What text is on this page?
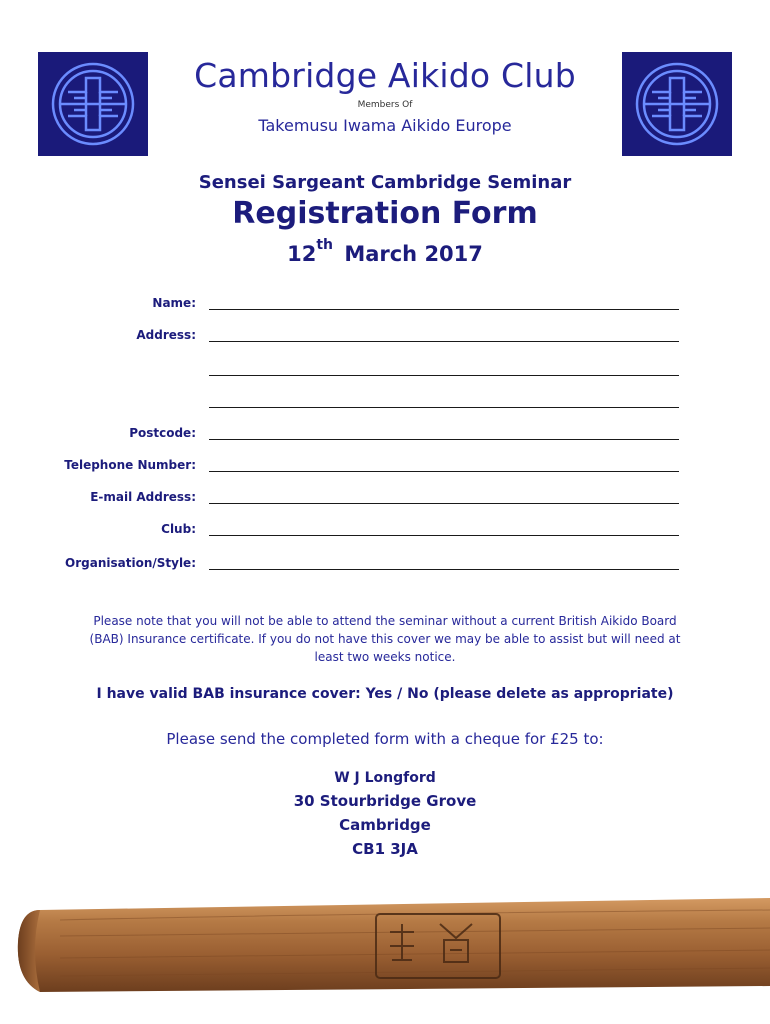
Cambridge Aikido Club
Members Of
Takemusu Iwama Aikido Europe
Sensei Sargeant Cambridge Seminar
Registration Form
12th March 2017
Name:
Address:
Postcode:
Telephone Number:
E-mail Address:
Club:
Organisation/Style:
Please note that you will not be able to attend the seminar without a current British Aikido Board (BAB) Insurance certificate. If you do not have this cover we may be able to assist but will need at least two weeks notice.
I have valid BAB insurance cover: Yes / No (please delete as appropriate)
Please send the completed form with a cheque for £25 to:
W J Longford
30 Stourbridge Grove
Cambridge
CB1 3JA
